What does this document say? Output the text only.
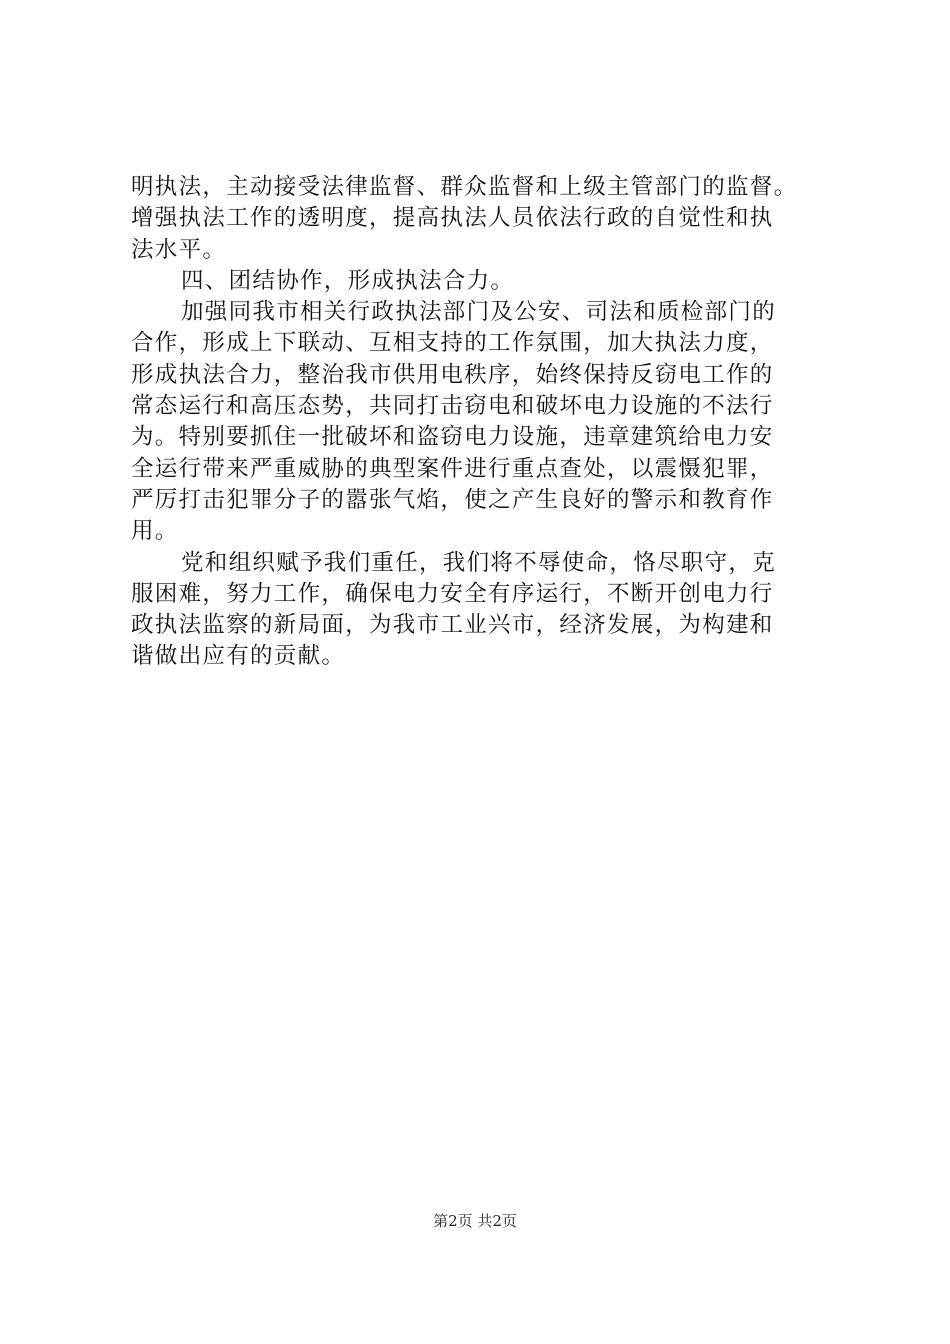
明执法，主动接受法律监督、群众监督和上级主管部门的监督。
增强执法工作的透明度，提高执法人员依法行政的自觉性和执
法水平。
四、团结协作，形成执法合力。
加强同我市相关行政执法部门及公安、司法和质检部门的
合作，形成上下联动、互相支持的工作氛围，加大执法力度，
形成执法合力，整治我市供用电秩序，始终保持反窃电工作的
常态运行和高压态势，共同打击窃电和破坏电力设施的不法行
为。特别要抓住一批破坏和盗窃电力设施，违章建筑给电力安
全运行带来严重威胁的典型案件进行重点查处，以震慑犯罪，
严厉打击犯罪分子的嚣张气焰，使之产生良好的警示和教育作
用。
党和组织赋予我们重任，我们将不辱使命，恪尽职守，克
服困难，努力工作，确保电力安全有序运行，不断开创电力行
政执法监察的新局面，为我市工业兴市，经济发展，为构建和
谐做出应有的贡献。
第2页 共2页
